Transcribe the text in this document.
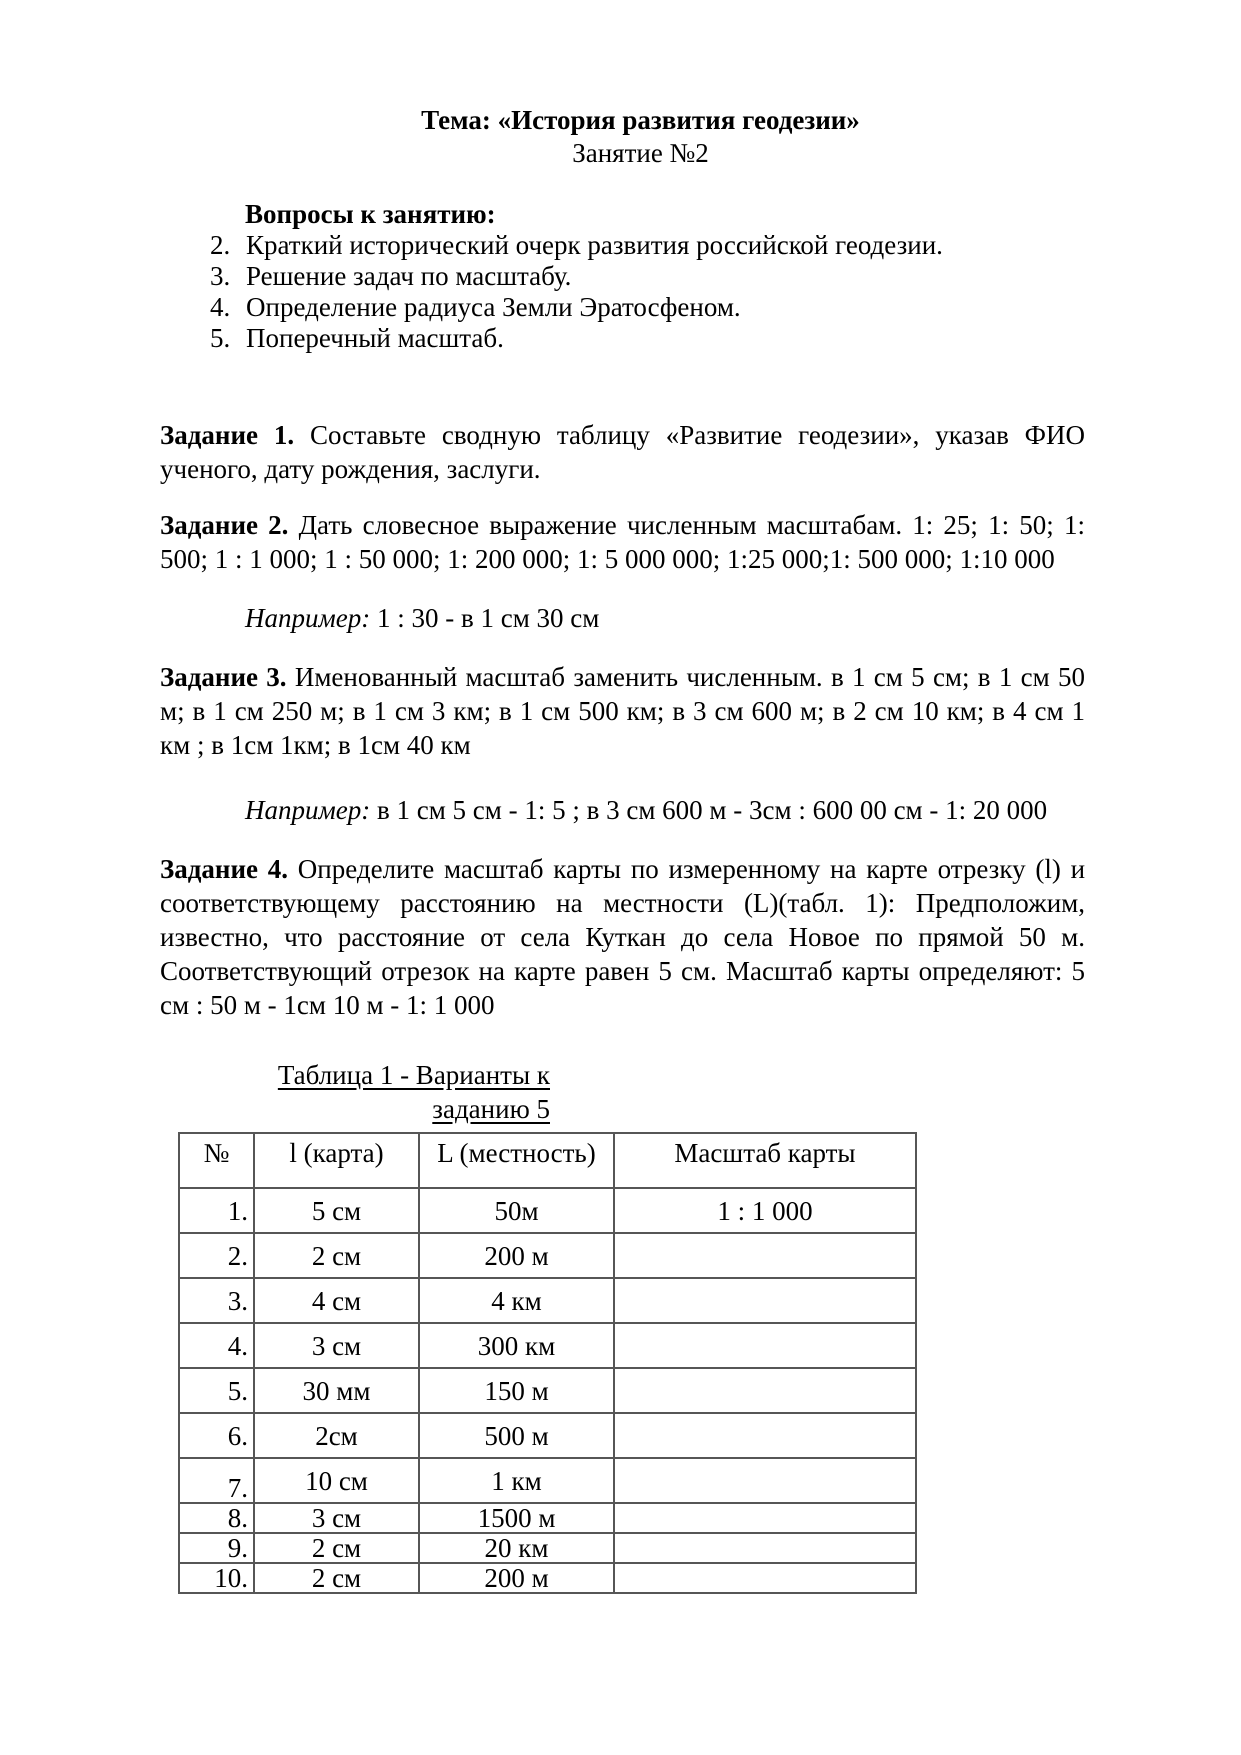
Тема: «История развития геодезии»
Занятие №2
Вопросы к занятию:
2. Краткий исторический очерк развития российской геодезии.
3. Решение задач по масштабу.
4. Определение радиуса Земли Эратосфеном.
5. Поперечный масштаб.

Задание 1. Составьте сводную таблицу «Развитие геодезии», указав ФИО ученого, дату рождения, заслуги.

Задание 2. Дать словесное выражение численным масштабам. 1: 25; 1: 50; 1: 500; 1 : 1 000; 1 : 50 000; 1: 200 000; 1: 5 000 000; 1:25 000;1: 500 000; 1:10 000

Например: 1 : 30 - в 1 см 30 см

Задание 3. Именованный масштаб заменить численным. в 1 см 5 см; в 1 см 50 м; в 1 см 250 м; в 1 см 3 км; в 1 см 500 км; в 3 см 600 м; в 2 см 10 км; в 4 см 1 км ; в 1см 1км; в 1см 40 км

Например: в 1 см 5 см - 1: 5 ; в 3 см 600 м - 3см : 600 00 см - 1: 20 000

Задание 4. Определите масштаб карты по измеренному на карте отрезку (l) и соответствующему расстоянию на местности (L)(табл. 1): Предположим, известно, что расстояние от села Куткан до села Новое по прямой 50 м. Соответствующий отрезок на карте равен 5 см. Масштаб карты определяют: 5 см : 50 м - 1см 10 м - 1: 1 000

Таблица 1 - Варианты к
заданию 5
№	l (карта)	L (местность)	Масштаб карты
1.	5 см	50м	1 : 1 000
2.	2 см	200 м	
3.	4 см	4 км	
4.	3 см	300 км	
5.	30 мм	150 м	
6.	2см	500 м	
7.	10 см	1 км	
8.	3 см	1500 м	
9.	2 см	20 км	
10.	2 см	200 м	
